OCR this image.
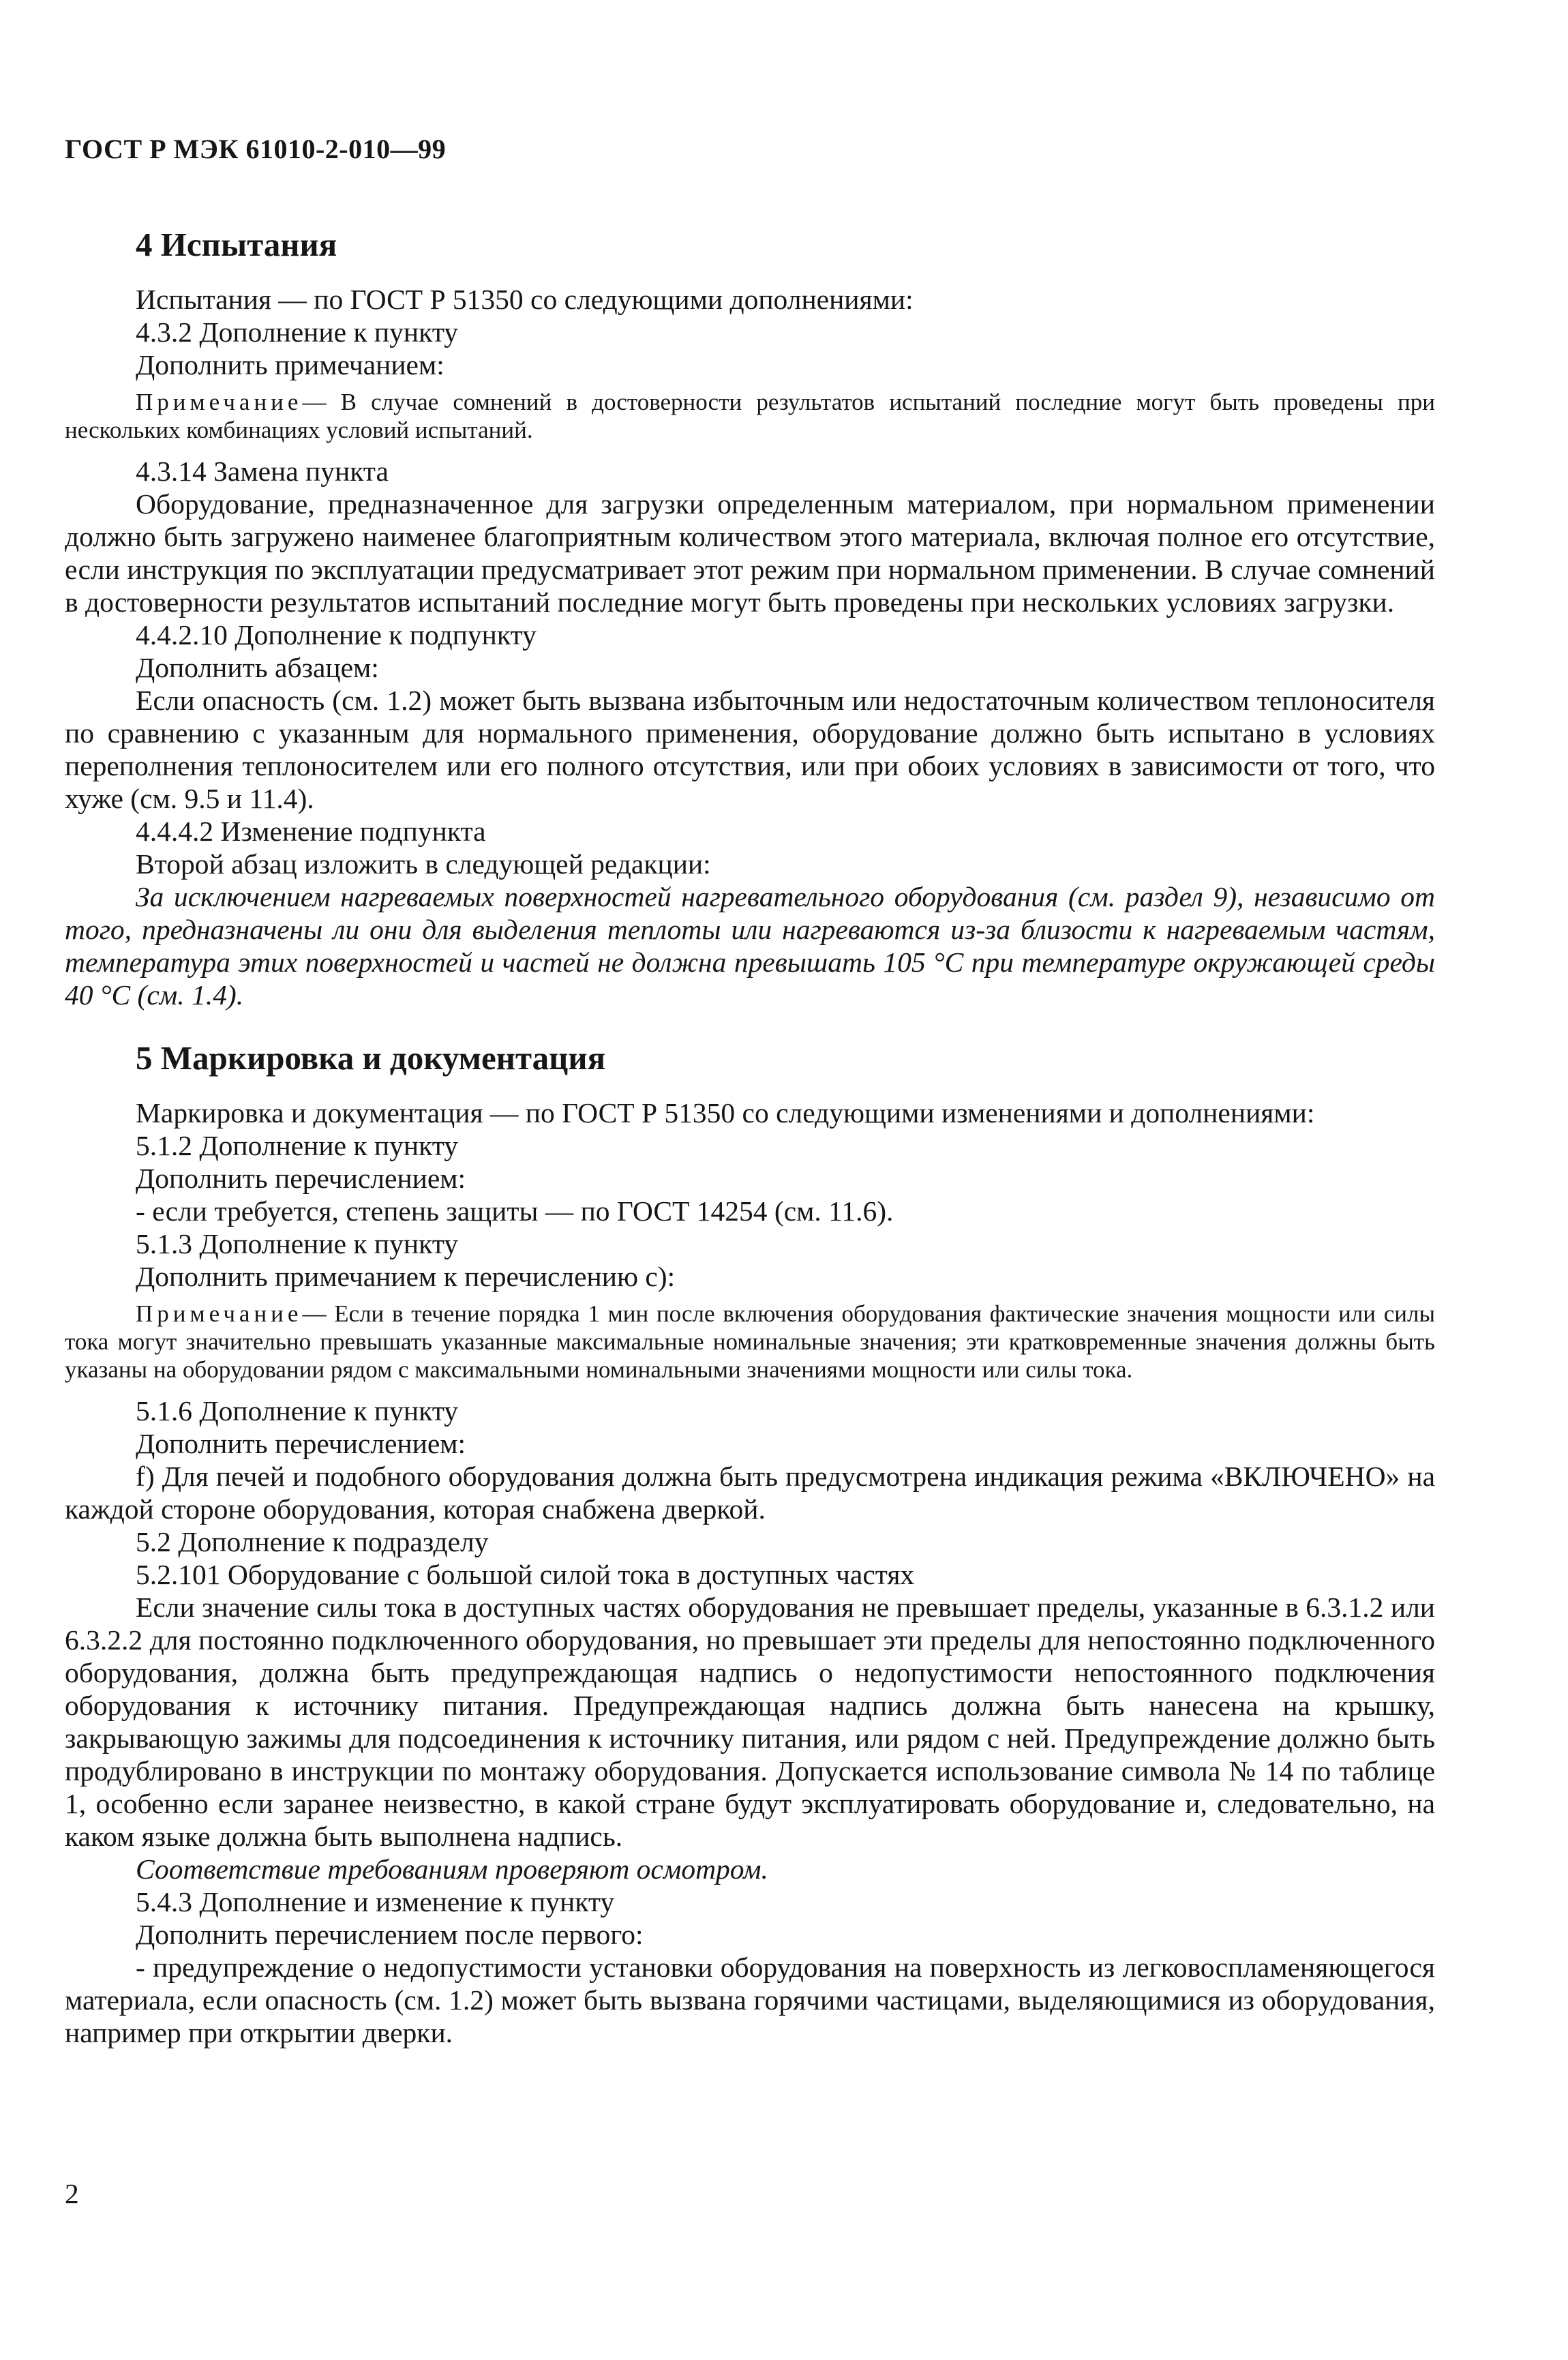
ГОСТ Р МЭК 61010-2-010—99
4 Испытания

Испытания — по ГОСТ Р 51350 со следующими дополнениями:

4.3.2 Дополнение к пункту

Дополнить примечанием:

Примечание— В случае сомнений в достоверности результатов испытаний последние могут быть проведены при нескольких комбинациях условий испытаний.

4.3.14 Замена пункта

Оборудование, предназначенное для загрузки определенным материалом, при нормальном применении должно быть загружено наименее благоприятным количеством этого материала, включая полное его отсутствие, если инструкция по эксплуатации предусматривает этот режим при нормальном применении. В случае сомнений в достоверности результатов испытаний последние могут быть проведены при нескольких условиях загрузки.

4.4.2.10 Дополнение к подпункту

Дополнить абзацем:

Если опасность (см. 1.2) может быть вызвана избыточным или недостаточным количеством теплоносителя по сравнению с указанным для нормального применения, оборудование должно быть испытано в условиях переполнения теплоносителем или его полного отсутствия, или при обоих условиях в зависимости от того, что хуже (см. 9.5 и 11.4).

4.4.4.2 Изменение подпункта

Второй абзац изложить в следующей редакции:

За исключением нагреваемых поверхностей нагревательного оборудования (см. раздел 9), независимо от того, предназначены ли они для выделения теплоты или нагреваются из-за близости к нагреваемым частям, температура этих поверхностей и частей не должна превышать 105 °С при температуре окружающей среды 40 °С (см. 1.4).

5 Маркировка и документация

Маркировка и документация — по ГОСТ Р 51350 со следующими изменениями и дополнениями:

5.1.2 Дополнение к пункту

Дополнить перечислением:

- если требуется, степень защиты — по ГОСТ 14254 (см. 11.6).

5.1.3 Дополнение к пункту

Дополнить примечанием к перечислению с):

Примечание— Если в течение порядка 1 мин после включения оборудования фактические значения мощности или силы тока могут значительно превышать указанные максимальные номинальные значения; эти кратковременные значения должны быть указаны на оборудовании рядом с максимальными номинальными значениями мощности или силы тока.

5.1.6 Дополнение к пункту

Дополнить перечислением:

f) Для печей и подобного оборудования должна быть предусмотрена индикация режима «ВКЛЮЧЕНО» на каждой стороне оборудования, которая снабжена дверкой.

5.2 Дополнение к подразделу

5.2.101 Оборудование с большой силой тока в доступных частях

Если значение силы тока в доступных частях оборудования не превышает пределы, указанные в 6.3.1.2 или 6.3.2.2 для постоянно подключенного оборудования, но превышает эти пределы для непостоянно подключенного оборудования, должна быть предупреждающая надпись о недопустимости непостоянного подключения оборудования к источнику питания. Предупреждающая надпись должна быть нанесена на крышку, закрывающую зажимы для подсоединения к источнику питания, или рядом с ней. Предупреждение должно быть продублировано в инструкции по монтажу оборудования. Допускается использование символа № 14 по таблице 1, особенно если заранее неизвестно, в какой стране будут эксплуатировать оборудование и, следовательно, на каком языке должна быть выполнена надпись.

Соответствие требованиям проверяют осмотром.

5.4.3 Дополнение и изменение к пункту

Дополнить перечислением после первого:

- предупреждение о недопустимости установки оборудования на поверхность из легковоспламеняющегося материала, если опасность (см. 1.2) может быть вызвана горячими частицами, выделяющимися из оборудования, например при открытии дверки.

2
